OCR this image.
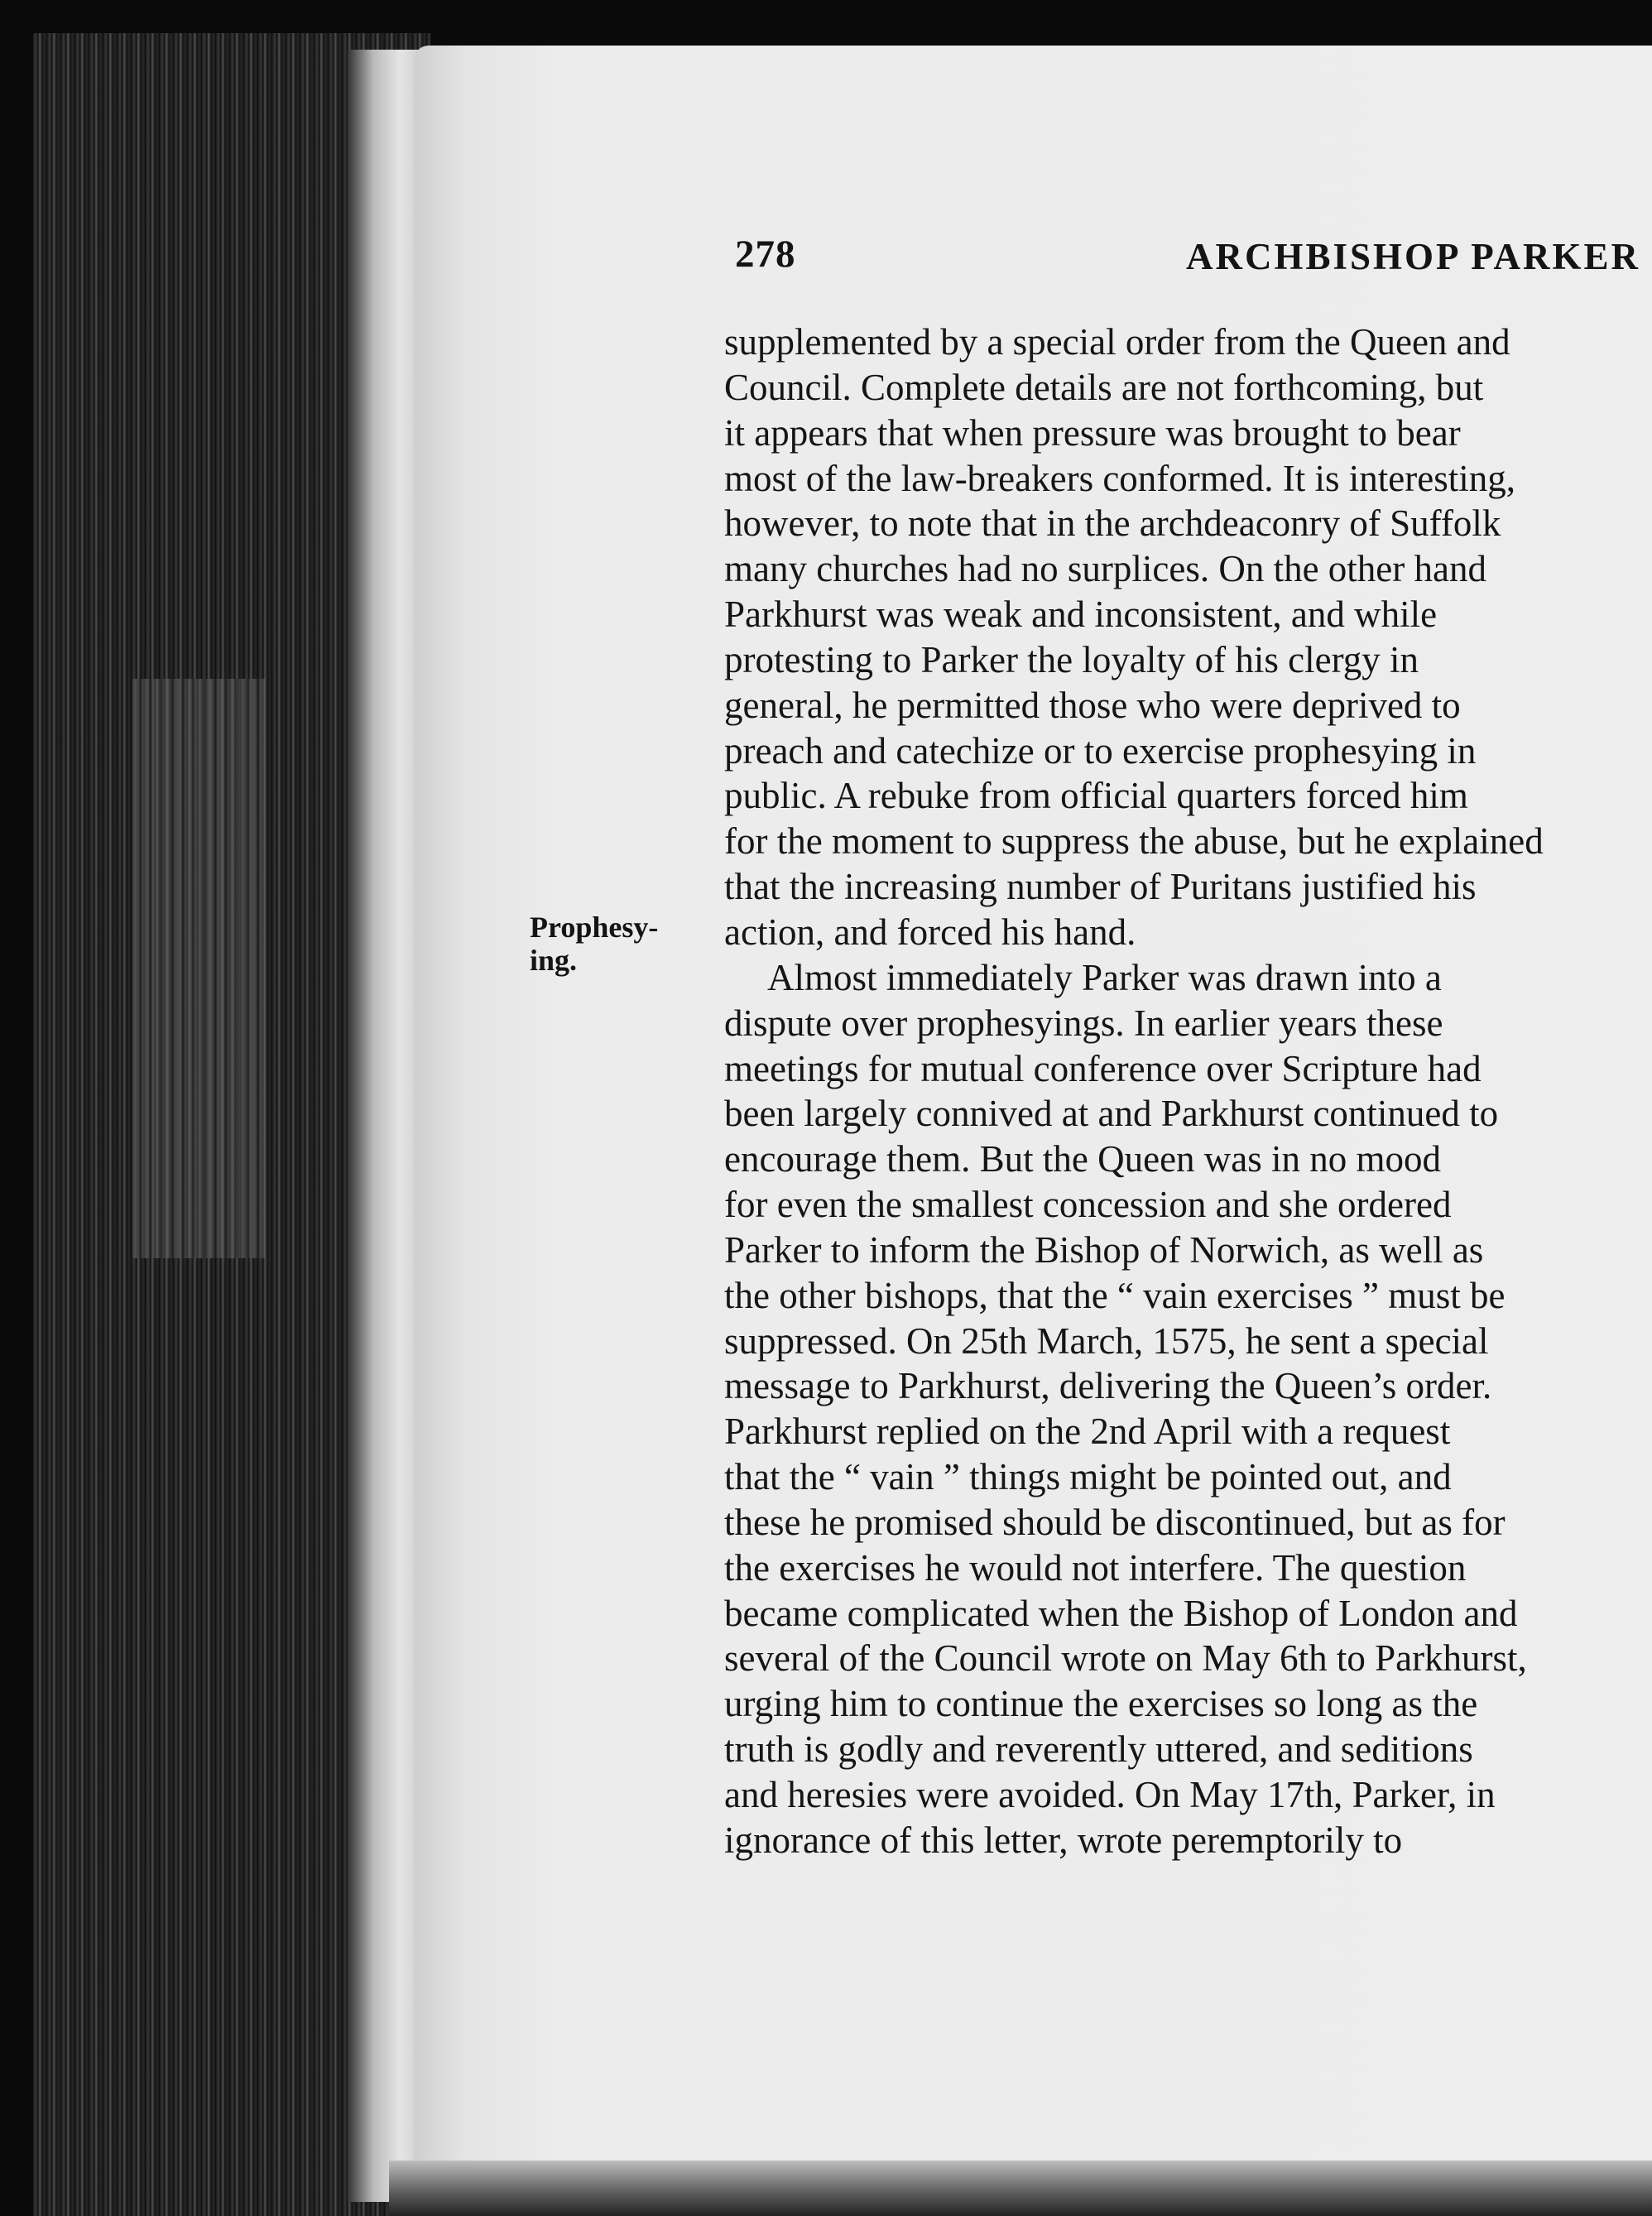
278	ARCHBISHOP PARKER
Prophesy-
ing.
supplemented by a special order from the Queen and
Council. Complete details are not forthcoming, but
it appears that when pressure was brought to bear
most of the law-breakers conformed. It is interesting,
however, to note that in the archdeaconry of Suffolk
many churches had no surplices. On the other hand
Parkhurst was weak and inconsistent, and while
protesting to Parker the loyalty of his clergy in
general, he permitted those who were deprived to
preach and catechize or to exercise prophesying in
public. A rebuke from official quarters forced him
for the moment to suppress the abuse, but he explained
that the increasing number of Puritans justified his
action, and forced his hand.
Almost immediately Parker was drawn into a
dispute over prophesyings. In earlier years these
meetings for mutual conference over Scripture had
been largely connived at and Parkhurst continued to
encourage them. But the Queen was in no mood
for even the smallest concession and she ordered
Parker to inform the Bishop of Norwich, as well as
the other bishops, that the “ vain exercises ” must be
suppressed. On 25th March, 1575, he sent a special
message to Parkhurst, delivering the Queen’s order.
Parkhurst replied on the 2nd April with a request
that the “ vain ” things might be pointed out, and
these he promised should be discontinued, but as for
the exercises he would not interfere. The question
became complicated when the Bishop of London and
several of the Council wrote on May 6th to Parkhurst,
urging him to continue the exercises so long as the
truth is godly and reverently uttered, and seditions
and heresies were avoided. On May 17th, Parker, in
ignorance of this letter, wrote peremptorily to
